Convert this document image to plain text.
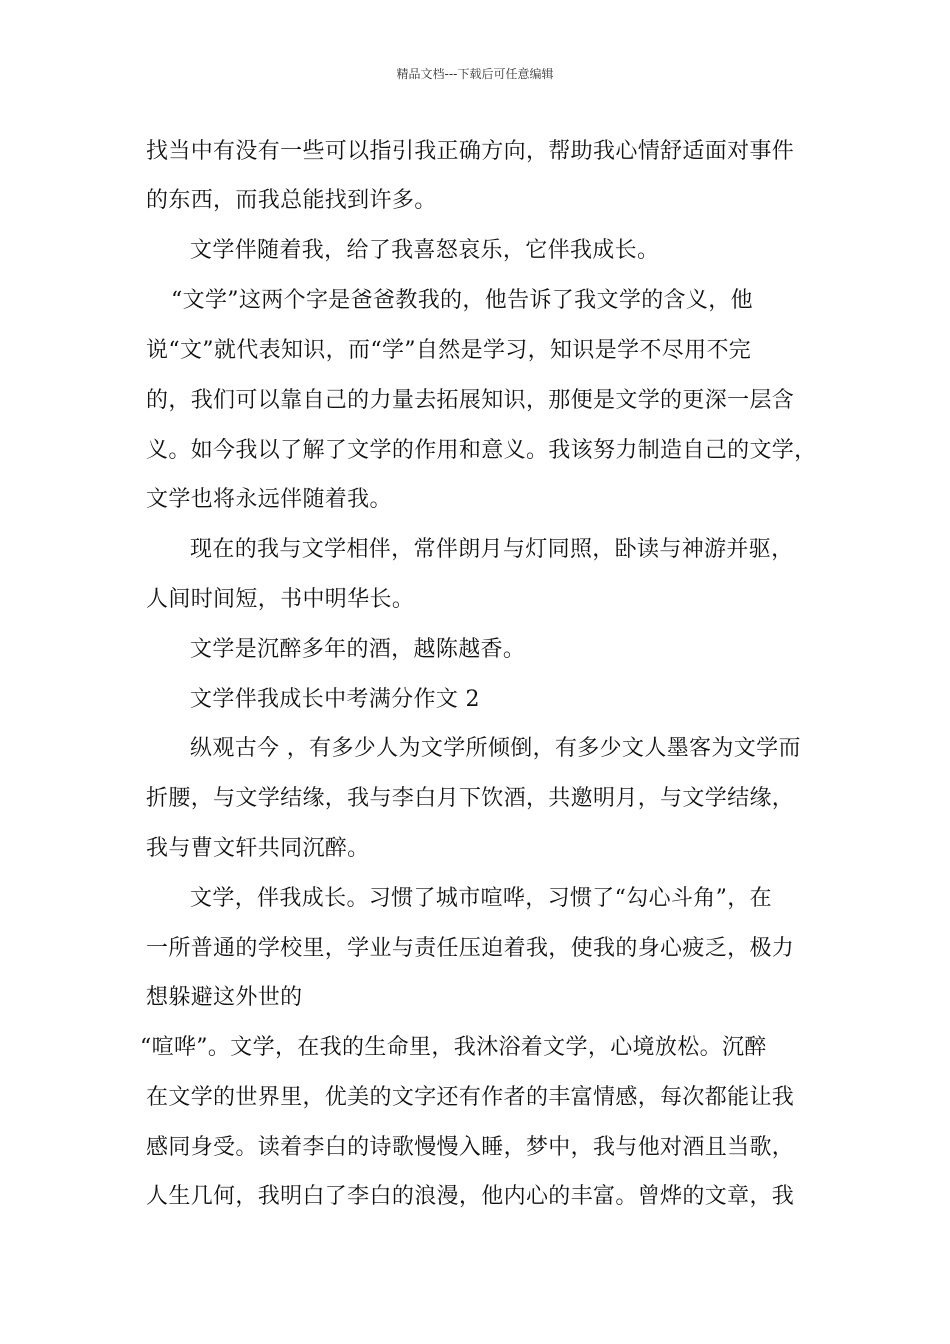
精品文档---下载后可任意编辑
找当中有没有一些可以指引我正确方向，帮助我心情舒适面对事件
的东西，而我总能找到许多。
文学伴随着我，给了我喜怒哀乐，它伴我成长。
“文学”这两个字是爸爸教我的，他告诉了我文学的含义，他
说“文”就代表知识，而“学”自然是学习，知识是学不尽用不完
的，我们可以靠自己的力量去拓展知识，那便是文学的更深一层含
义。如今我以了解了文学的作用和意义。我该努力制造自己的文学，
文学也将永远伴随着我。
现在的我与文学相伴，常伴朗月与灯同照，卧读与神游并驱，
人间时间短，书中明华长。
文学是沉醉多年的酒，越陈越香。
文学伴我成长中考满分作文 2
纵观古今 ，有多少人为文学所倾倒，有多少文人墨客为文学而
折腰，与文学结缘，我与李白月下饮酒，共邀明月，与文学结缘，
我与曹文轩共同沉醉。
文学，伴我成长。习惯了城市喧哗，习惯了“勾心斗角”，在
一所普通的学校里，学业与责任压迫着我，使我的身心疲乏，极力
想躲避这外世的
“喧哗”。文学，在我的生命里，我沐浴着文学，心境放松。沉醉
在文学的世界里，优美的文字还有作者的丰富情感，每次都能让我
感同身受。读着李白的诗歌慢慢入睡，梦中，我与他对酒且当歌，
人生几何，我明白了李白的浪漫，他内心的丰富。曾烨的文章，我
